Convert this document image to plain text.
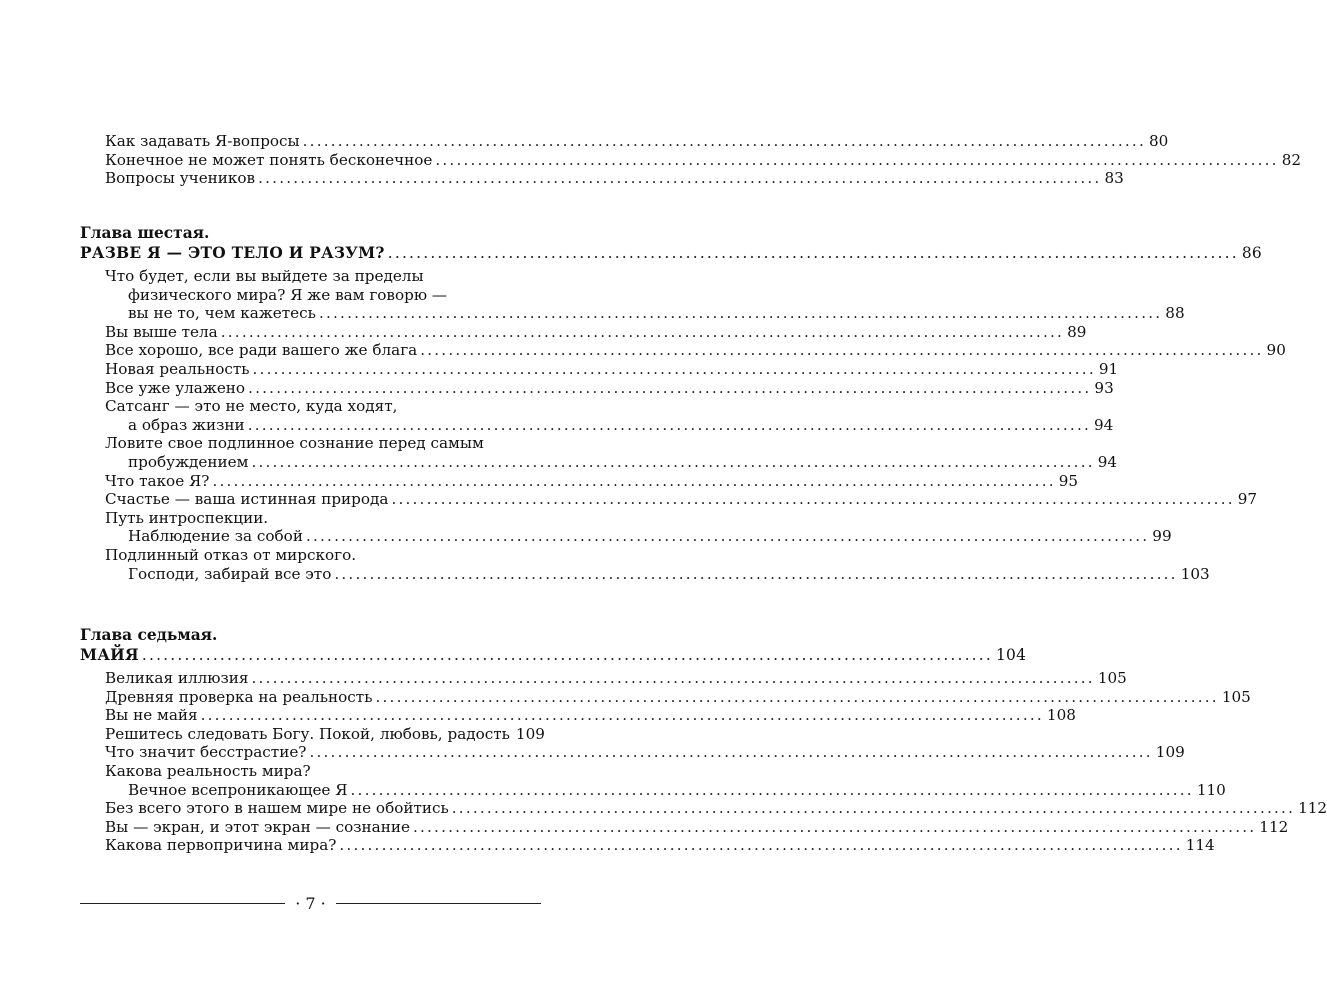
Как задавать Я-вопросы ........................................................................................................................ 80
Конечное не может понять бесконечное ........................................................................................................................ 82
Вопросы учеников ........................................................................................................................ 83
Глава шестая.
РАЗВЕ Я — ЭТО ТЕЛО И РАЗУМ? ........................................................................................................................ 86
Что будет, если вы выйдете за пределы
физического мира? Я же вам говорю —
вы не то, чем кажетесь ........................................................................................................................ 88
Вы выше тела ........................................................................................................................ 89
Все хорошо, все ради вашего же блага ........................................................................................................................ 90
Новая реальность ........................................................................................................................ 91
Все уже улажено ........................................................................................................................ 93
Сатсанг — это не место, куда ходят,
а образ жизни ........................................................................................................................ 94
Ловите свое подлинное сознание перед самым
пробуждением ........................................................................................................................ 94
Что такое Я? ........................................................................................................................ 95
Счастье — ваша истинная природа ........................................................................................................................ 97
Путь интроспекции.
Наблюдение за собой ........................................................................................................................ 99
Подлинный отказ от мирского.
Господи, забирай все это ........................................................................................................................ 103
Глава седьмая.
МАЙЯ ........................................................................................................................ 104
Великая иллюзия ........................................................................................................................ 105
Древняя проверка на реальность ........................................................................................................................ 105
Вы не майя ........................................................................................................................ 108
Решитесь следовать Богу. Покой, любовь, радость 109
Что значит бесстрастие? ........................................................................................................................ 109
Какова реальность мира?
Вечное всепроникающее Я ........................................................................................................................ 110
Без всего этого в нашем мире не обойтись ........................................................................................................................ 112
Вы — экран, и этот экран — сознание ........................................................................................................................ 112
Какова первопричина мира? ........................................................................................................................ 114
· 7 ·
